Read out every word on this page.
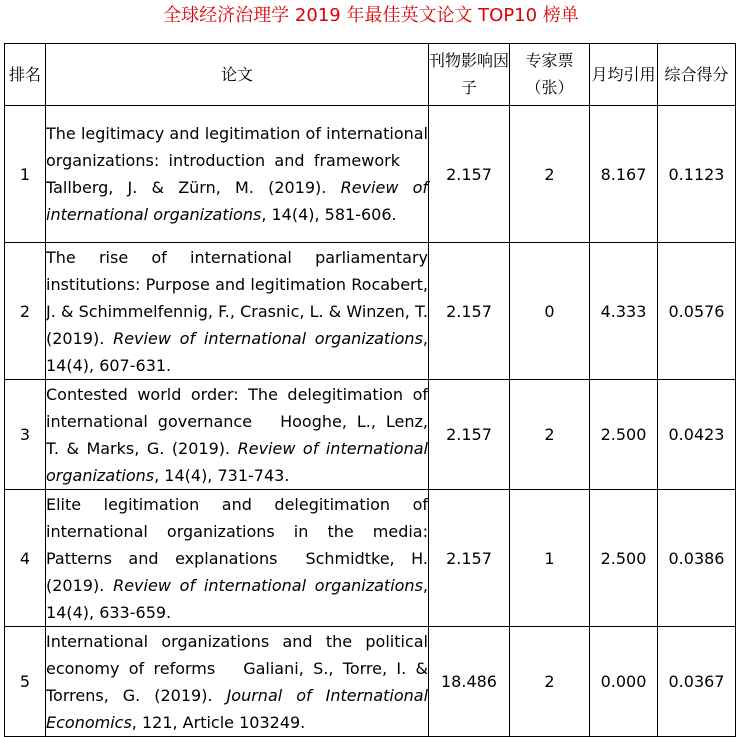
全球经济治理学 2019 年最佳英文论文 TOP10 榜单
排名	论文	刊物影响因子	专家票（张）	月均引用	综合得分
1	The legitimacy and legitimation of international organizations: introduction and frameworkTallberg, J. & Zürn, M. (2019). Review of international organizations, 14(4), 581-606.	2.157	2	8.167	0.1123
2	The rise of international parliamentary institutions: Purpose and legitimation Rocabert, J. & Schimmelfennig, F., Crasnic, L. & Winzen, T. (2019). Review of international organizations, 14(4), 607-631.	2.157	0	4.333	0.0576
3	Contested world order: The delegitimation of international governance Hooghe, L., Lenz, T. & Marks, G. (2019). Review of international organizations, 14(4), 731-743.	2.157	2	2.500	0.0423
4	Elite legitimation and delegitimation of international organizations in the media: Patterns and explanations Schmidtke, H. (2019). Review of international organizations, 14(4), 633-659.	2.157	1	2.500	0.0386
5	International organizations and the political economy of reforms Galiani, S., Torre, I. & Torrens, G. (2019). Journal of International Economics, 121, Article 103249.	18.486	2	0.000	0.0367
